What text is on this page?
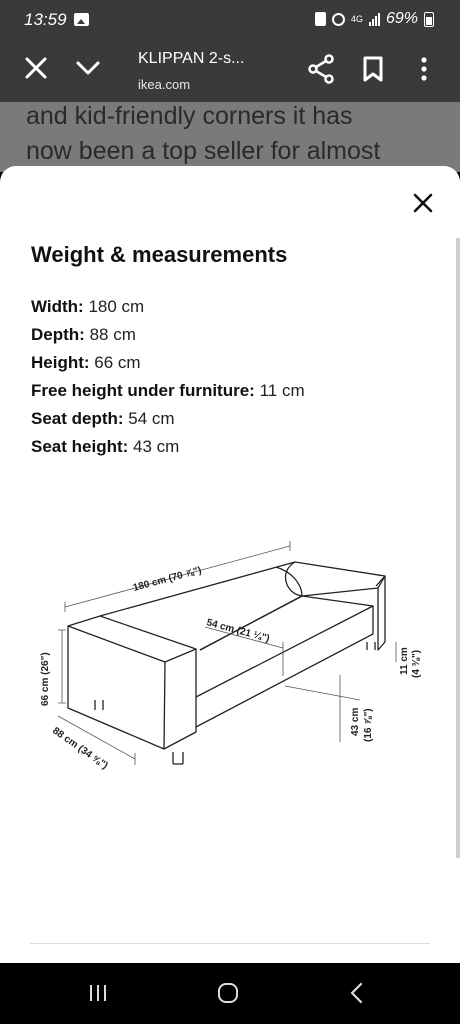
13:59	4G 69%
KLIPPAN 2-s...
ikea.com

and kid-friendly corners it has

now been a top seller for almost

Weight & measurements
Width: 180 cm
Depth: 88 cm
Height: 66 cm
Free height under furniture: 11 cm
Seat depth: 54 cm
Seat height: 43 cm
180 cm (70 ⅞")
54 cm (21 ¼")
66 cm (26")
88 cm (34 ⅝")
43 cm (16 ⅞")
11 cm (4 ⅜")
